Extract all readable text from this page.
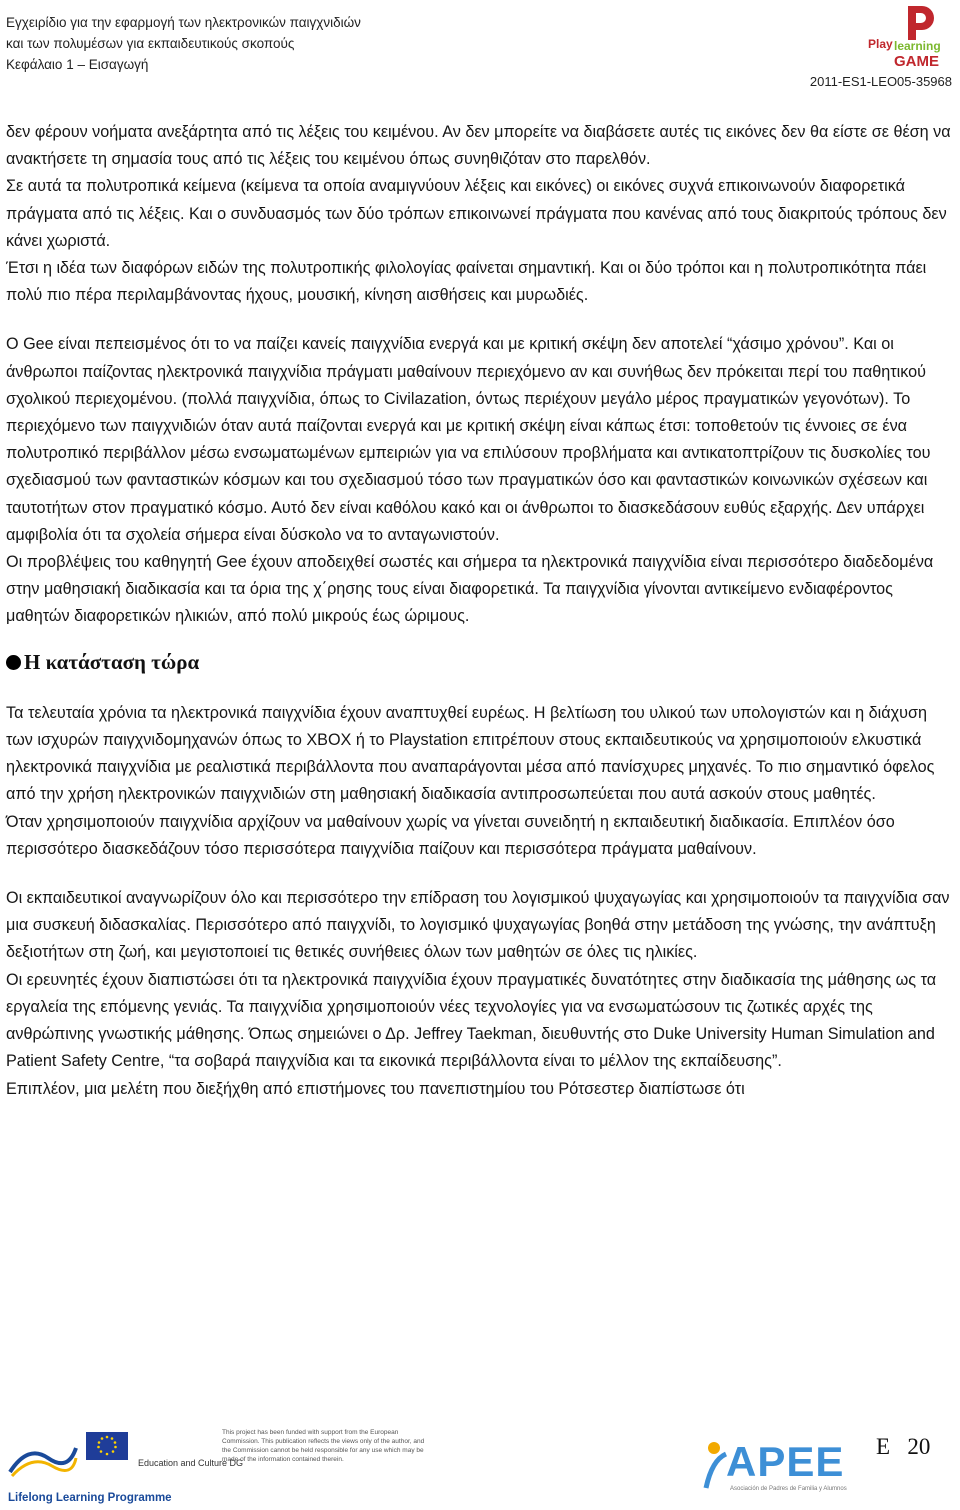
Εγχειρίδιο για την εφαρμογή των ηλεκτρονικών παιγχνιδιών
και των πολυμέσων για εκπαιδευτικούς σκοπούς
Κεφάλαιο 1 – Εισαγωγή
Play learning
GAME
2011-ES1-LEO05-35968

δεν φέρουν νοήματα ανεξάρτητα από τις λέξεις του κειμένου. Αν δεν μπορείτε να διαβάσετε αυτές τις εικόνες δεν θα είστε σε θέση να ανακτήσετε τη σημασία τους από τις λέξεις του κειμένου όπως συνηθιζόταν στο παρελθόν.

Σε αυτά τα πολυτροπικά κείμενα (κείμενα τα οποία αναμιγνύουν λέξεις και εικόνες) οι εικόνες συχνά επικοινωνούν διαφορετικά πράγματα από τις λέξεις. Και ο συνδυασμός των δύο τρόπων επικοινωνεί πράγματα που κανένας από τους διακριτούς τρόπους δεν κάνει χωριστά.

Έτσι η ιδέα των διαφόρων ειδών της πολυτροπικής φιλολογίας φαίνεται σημαντική. Και οι δύο τρόποι και η πολυτροπικότητα πάει πολύ πιο πέρα περιλαμβάνοντας ήχους, μουσική, κίνηση αισθήσεις και μυρωδιές.

Ο Gee είναι πεπεισμένος ότι το να παίζει κανείς παιγχνίδια ενεργά και με κριτική σκέψη δεν αποτελεί “χάσιμο χρόνου”. Και οι άνθρωποι παίζοντας ηλεκτρονικά παιγχνίδια πράγματι μαθαίνουν περιεχόμενο αν και συνήθως δεν πρόκειται περί του παθητικού σχολικού περιεχομένου. (πολλά παιγχνίδια, όπως το Civilazation, όντως περιέχουν μεγάλο μέρος πραγματικών γεγονότων). Το περιεχόμενο των παιγχνιδιών όταν αυτά παίζονται ενεργά και με κριτική σκέψη είναι κάπως έτσι: τοποθετούν τις έννοιες σε ένα πολυτροπικό περιβάλλον μέσω ενσωματωμένων εμπειριών για να επιλύσουν προβλήματα και αντικατοπτρίζουν τις δυσκολίες του σχεδιασμού των φανταστικών κόσμων και του σχεδιασμού τόσο των πραγματικών όσο και φανταστικών κοινωνικών σχέσεων και ταυτοτήτων στον πραγματικό κόσμο. Αυτό δεν είναι καθόλου κακό και οι άνθρωποι το διασκεδάσουν ευθύς εξαρχής. Δεν υπάρχει αμφιβολία ότι τα σχολεία σήμερα είναι δύσκολο να το ανταγωνιστούν.

Οι προβλέψεις του καθηγητή Gee έχουν αποδειχθεί σωστές και σήμερα τα ηλεκτρονικά παιγχνίδια είναι περισσότερο διαδεδομένα στην μαθησιακή διαδικασία και τα όρια της χ΄ρησης τους είναι διαφορετικά. Τα παιγχνίδια γίνονται αντικείμενο ενδιαφέροντος μαθητών διαφορετικών ηλικιών, από πολύ μικρούς έως ώριμους.

Η κατάσταση τώρα

Τα τελευταία χρόνια τα ηλεκτρονικά παιγχνίδια έχουν αναπτυχθεί ευρέως. Η βελτίωση του υλικού των υπολογιστών και η διάχυση των ισχυρών παιγχνιδομηχανών όπως το XBOX ή το Playstation επιτρέπουν στους εκπαιδευτικούς να χρησιμοποιούν ελκυστικά ηλεκτρονικά παιγχνίδια με ρεαλιστικά περιβάλλοντα που αναπαράγονται μέσα από πανίσχυρες μηχανές. Το πιο σημαντικό όφελος από την χρήση ηλεκτρονικών παιγχνιδιών στη μαθησιακή διαδικασία αντιπροσωπεύεται που αυτά ασκούν στους μαθητές.

Όταν χρησιμοποιούν παιγχνίδια αρχίζουν να μαθαίνουν χωρίς να γίνεται συνειδητή η εκπαιδευτική διαδικασία. Επιπλέον όσο περισσότερο διασκεδάζουν τόσο περισσότερα παιγχνίδια παίζουν και περισσότερα πράγματα μαθαίνουν.

Οι εκπαιδευτικοί αναγνωρίζουν όλο και περισσότερο την επίδραση του λογισμικού ψυχαγωγίας και χρησιμοποιούν τα παιγχνίδια σαν μια συσκευή διδασκαλίας. Περισσότερο από παιγχνίδι, το λογισμικό ψυχαγωγίας βοηθά στην μετάδοση της γνώσης, την ανάπτυξη δεξιοτήτων στη ζωή, και μεγιστοποιεί τις θετικές συνήθειες όλων των μαθητών σε όλες τις ηλικίες.

Οι ερευνητές έχουν διαπιστώσει ότι τα ηλεκτρονικά παιγχνίδια έχουν πραγματικές δυνατότητες στην διαδικασία της μάθησης ως τα εργαλεία της επόμενης γενιάς. Τα παιγχνίδια χρησιμοποιούν νέες τεχνολογίες για να ενσωματώσουν τις ζωτικές αρχές της ανθρώπινης γνωστικής μάθησης. Όπως σημειώνει ο Δρ. Jeffrey Taekman, διευθυντής στο Duke University Human Simulation and Patient Safety Centre, “τα σοβαρά παιγχνίδια και τα εικονικά περιβάλλοντα είναι το μέλλον της εκπαίδευσης”.

Επιπλέον, μια μελέτη που διεξήχθη από επιστήμονες του πανεπιστημίου του Ρότσεστερ διαπίστωσε ότι

Education and Culture DG
Lifelong Learning Programme
This project has been funded with support from the European Commission. This publication reflects the views only of the author, and the Commission cannot be held responsible for any use which may be made of the information contained therein.	APEE
Asociación de Padres de Familia y Alumnos
E 20
